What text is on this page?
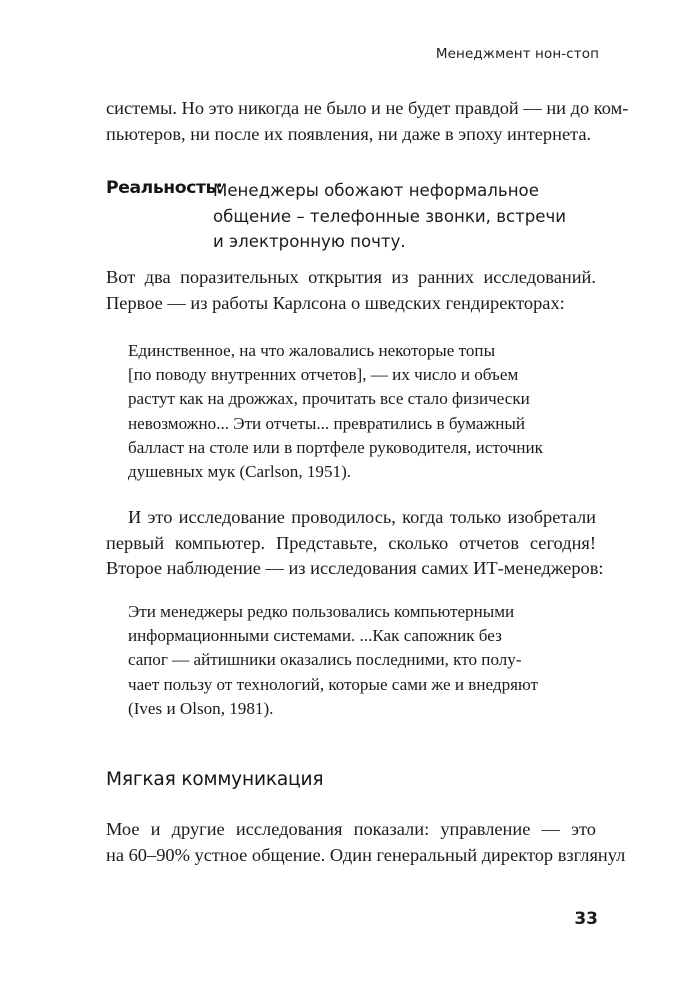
Менеджмент нон-стоп
системы. Но это никогда не было и не будет правдой — ни до ком-
пьютеров, ни после их появления, ни даже в эпоху интернета.
Реальность:
Менеджеры обожают неформальное
общение – телефонные звонки, встречи
и электронную почту.
Вот два поразительных открытия из ранних исследований.
Первое — из работы Карлсона о шведских гендиректорах:
Единственное, на что жаловались некоторые топы
[по поводу внутренних отчетов], — их число и объем
растут как на дрожжах, прочитать все стало физически
невозможно... Эти отчеты... превратились в бумажный
балласт на столе или в портфеле руководителя, источник
душевных мук (Carlson, 1951).
И это исследование проводилось, когда только изобретали
первый компьютер. Представьте, сколько отчетов сегодня!
Второе наблюдение — из исследования самих ИТ-менеджеров:
Эти менеджеры редко пользовались компьютерными
информационными системами. ...Как сапожник без
сапог — айтишники оказались последними, кто полу-
чает пользу от технологий, которые сами же и внедряют
(Ives и Olson, 1981).
Мягкая коммуникация
Мое и другие исследования показали: управление — это
на 60–90% устное общение. Один генеральный директор взглянул
33
